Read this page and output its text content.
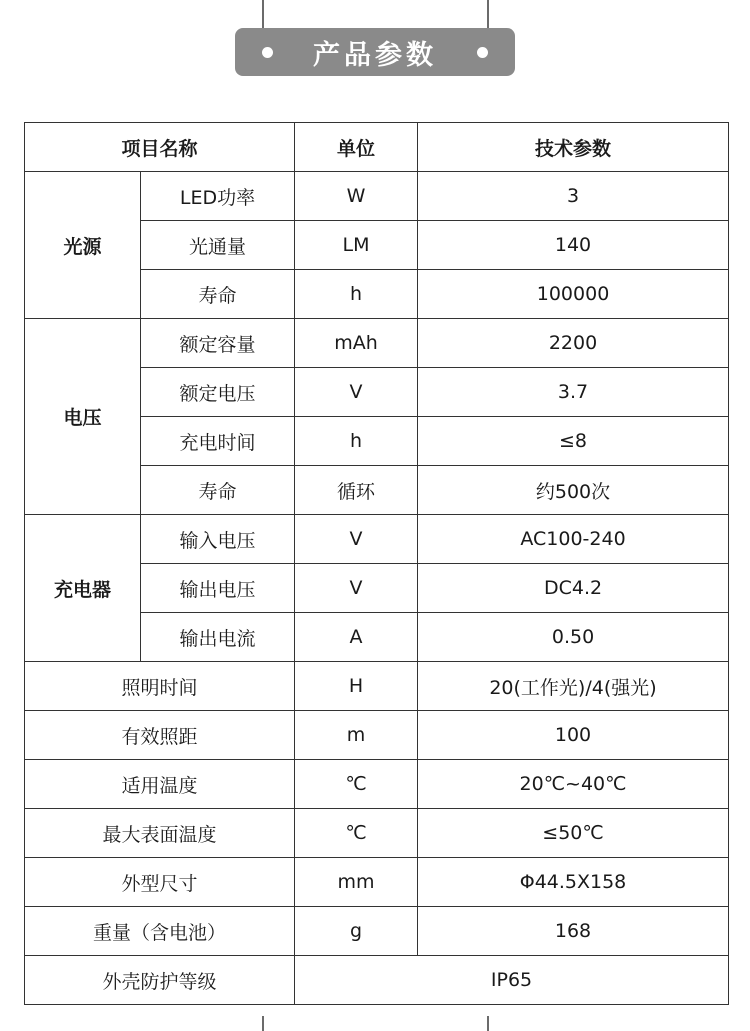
产品参数
项目名称		单位	技术参数
光源	LED功率	W	3
	光通量	LM	140
	寿命	h	100000
电压	额定容量	mAh	2200
	额定电压	V	3.7
	充电时间	h	≤8
	寿命	循环	约500次
充电器	输入电压	V	AC100-240
	输出电压	V	DC4.2
	输出电流	A	0.50
照明时间		H	20(工作光)/4(强光)
有效照距		m	100
适用温度		℃	20℃~40℃
最大表面温度		℃	≤50℃
外型尺寸		mm	Φ44.5X158
重量（含电池）		g	168
外壳防护等级		IP65	
